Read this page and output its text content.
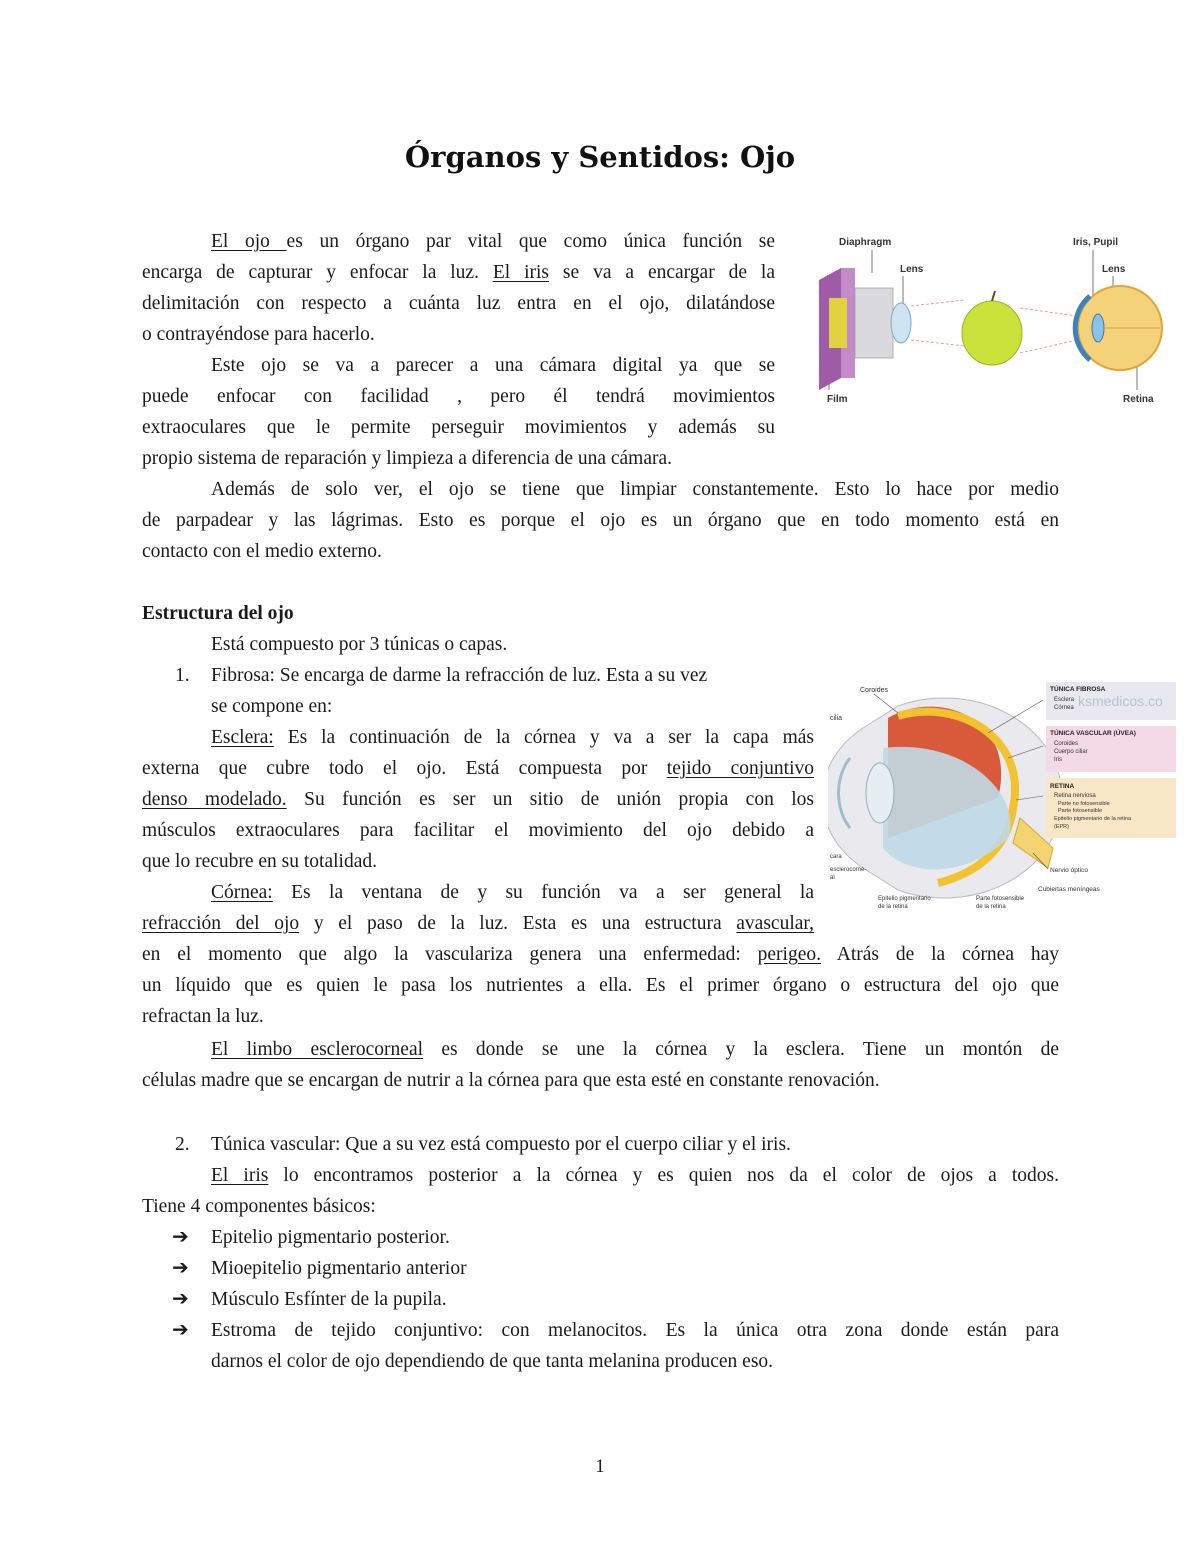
Órganos y Sentidos: Ojo
El ojo es un órgano par vital que como única función se
encarga de capturar y enfocar la luz. El iris se va a encargar de la
delimitación con respecto a cuánta luz entra en el ojo, dilatándose
o contrayéndose para hacerlo.
Este ojo se va a parecer a una cámara digital ya que se
puede enfocar con facilidad , pero él tendrá movimientos
extraoculares que le permite perseguir movimientos y además su
propio sistema de reparación y limpieza a diferencia de una cámara.
Además de solo ver, el ojo se tiene que limpiar constantemente. Esto lo hace por medio
de parpadear y las lágrimas. Esto es porque el ojo es un órgano que en todo momento está en
contacto con el medio externo.
Diaphragm
Lens
Film
Iris, Pupil
Lens
Retina
Estructura del ojo
Está compuesto por 3 túnicas o capas.
1. Fibrosa: Se encarga de darme la refracción de luz. Esta a su vez
se compone en:
Esclera: Es la continuación de la córnea y va a ser la capa más
externa que cubre todo el ojo. Está compuesta por tejido conjuntivo
denso modelado. Su función es ser un sitio de unión propia con los
músculos extraoculares para facilitar el movimiento del ojo debido a
que lo recubre en su totalidad.
Córnea: Es la ventana de y su función va a ser general la
refracción del ojo y el paso de la luz. Esta es una estructura avascular,
en el momento que algo la vasculariza genera una enfermedad: perigeo. Atrás de la córnea hay
un líquido que es quien le pasa los nutrientes a ella. Es el primer órgano o estructura del ojo que
refractan la luz.
El limbo esclerocorneal es donde se une la córnea y la esclera. Tiene un montón de
células madre que se encargan de nutrir a la córnea para que esta esté en constante renovación.
Coroides
cilia
ksmedicos.co
TÚNICA FIBROSA
Esclera
Córnea
TÚNICA VASCULAR (ÚVEA)
Coroides
Cuerpo ciliar
Iris
RETINA
Retina nerviosa
Parte no fotosensible
Parte fotosensible
Epitelio pigmentario de la retina
(EPR)
Nervio óptico
Cubiertas meníngeas
cara
esclerocorne-
al
Epitelio pigmentario
de la retina
Parte fotosensible
de la retina
2. Túnica vascular: Que a su vez está compuesto por el cuerpo ciliar y el iris.
El iris lo encontramos posterior a la córnea y es quien nos da el color de ojos a todos.
Tiene 4 componentes básicos:
➔ Epitelio pigmentario posterior.
➔ Mioepitelio pigmentario anterior
➔ Músculo Esfínter de la pupila.
➔ Estroma de tejido conjuntivo: con melanocitos. Es la única otra zona donde están para
darnos el color de ojo dependiendo de que tanta melanina producen eso.
1
